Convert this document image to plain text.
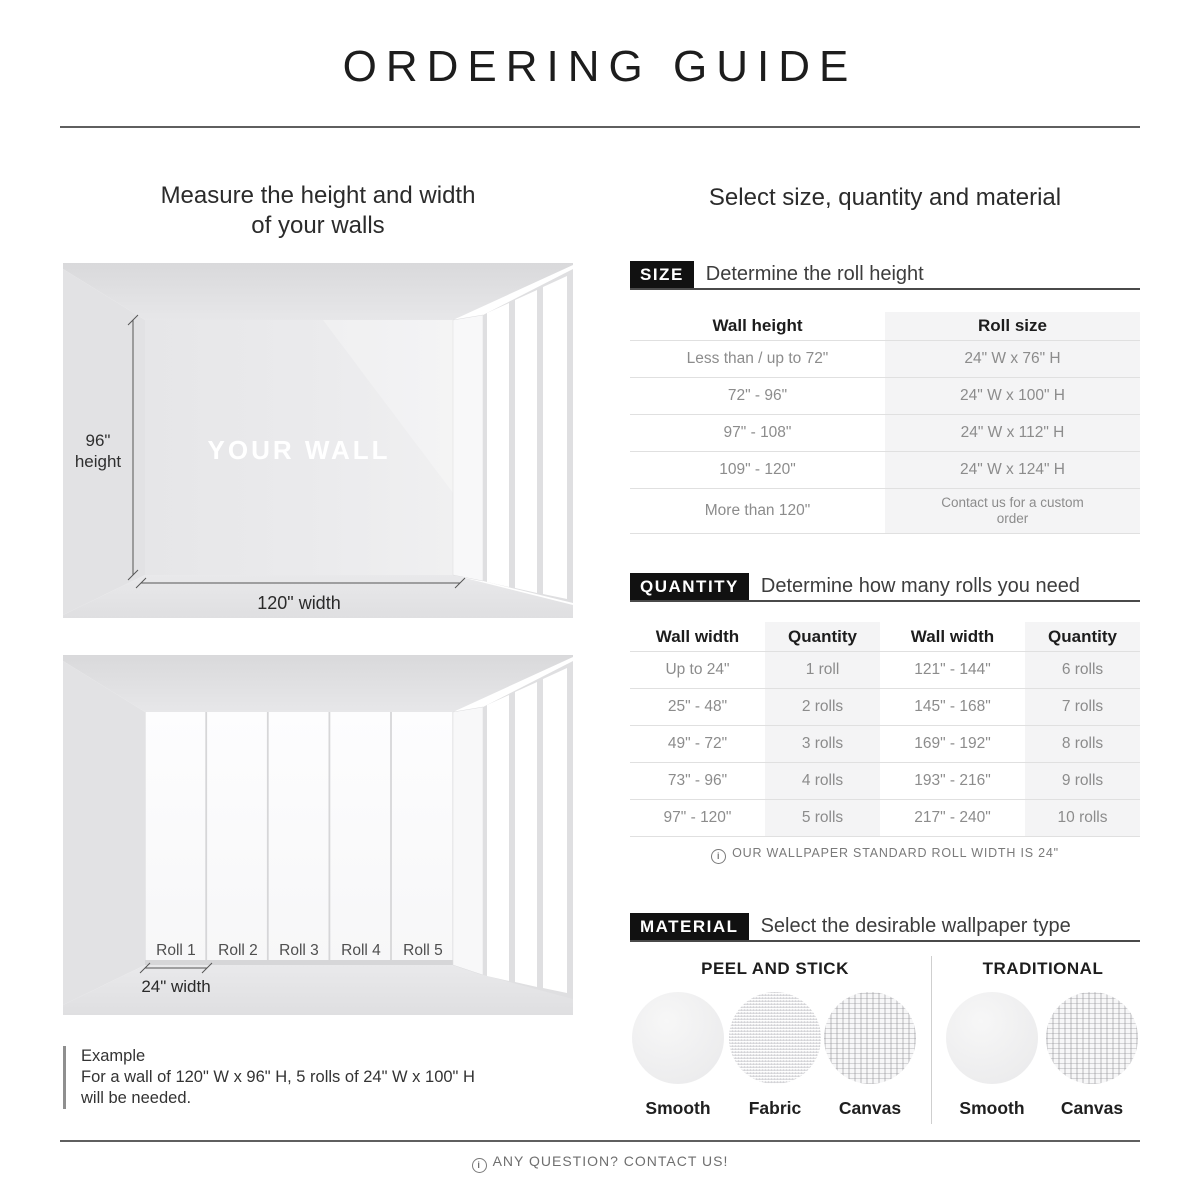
ORDERING GUIDE
Measure the height and width
of your walls
YOUR WALL
96"
height
120" width
Roll 1	Roll 2	Roll 3	Roll 4	Roll 5
24" width
Example
For a wall of 120" W x 96" H, 5 rolls of 24" W x 100" H
will be needed.
Select size, quantity and material
SIZE	Determine the roll height
Wall height	Roll size
Less than / up to 72"	24" W x 76" H
72" - 96"	24" W x 100" H
97" - 108"	24" W x 112" H
109" - 120"	24" W x 124" H
More than 120"	Contact us for a custom order
QUANTITY	Determine how many rolls you need
Wall width	Quantity	Wall width	Quantity
Up to 24"	1 roll	121" - 144"	6 rolls
25" - 48"	2 rolls	145" - 168"	7 rolls
49" - 72"	3 rolls	169" - 192"	8 rolls
73" - 96"	4 rolls	193" - 216"	9 rolls
97" - 120"	5 rolls	217" - 240"	10 rolls
i OUR WALLPAPER STANDARD ROLL WIDTH IS 24"
MATERIAL	Select the desirable wallpaper type
PEEL AND STICK	TRADITIONAL
Smooth	Fabric	Canvas	Smooth	Canvas
i ANY QUESTION? CONTACT US!
